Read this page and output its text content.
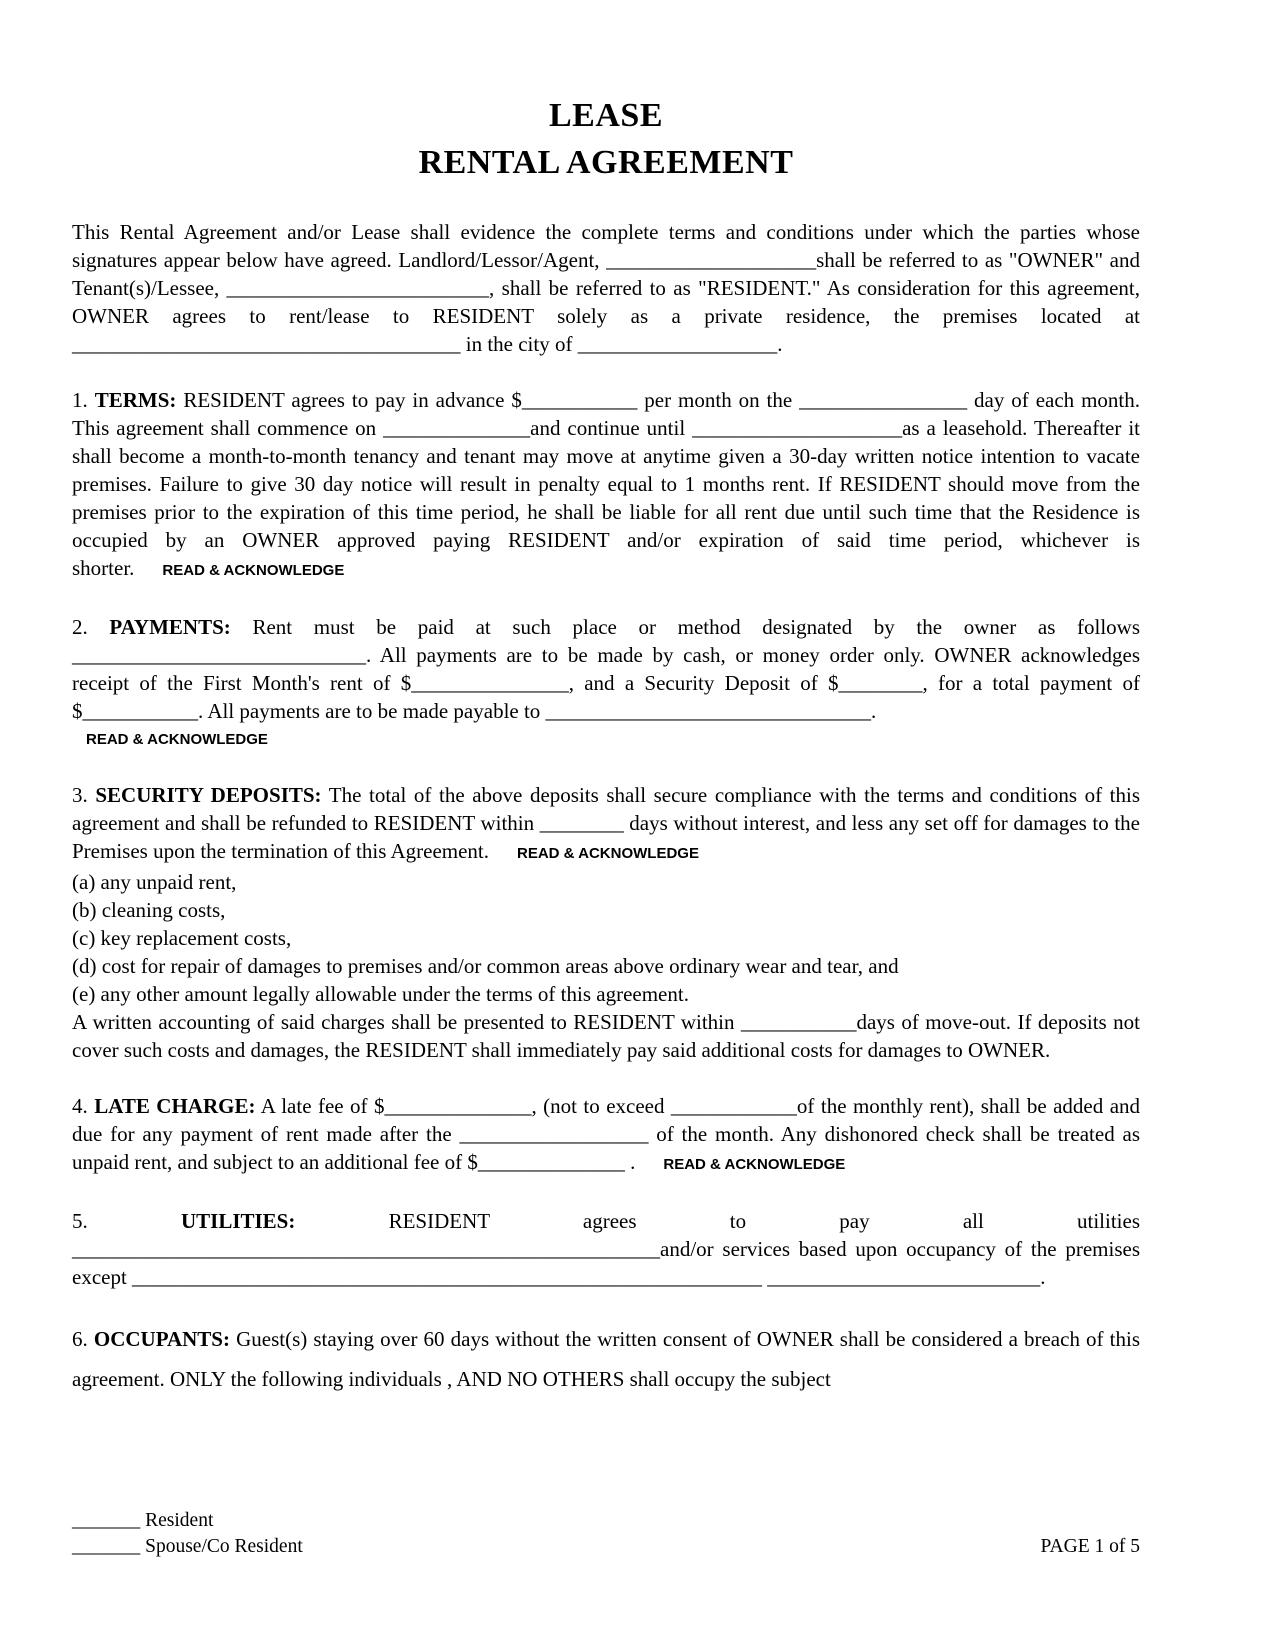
LEASE
RENTAL AGREEMENT

This Rental Agreement and/or Lease shall evidence the complete terms and conditions under which the parties whose signatures appear below have agreed. Landlord/Lessor/Agent, ____________________shall be referred to as "OWNER" and Tenant(s)/Lessee, _________________________, shall be referred to as "RESIDENT." As consideration for this agreement, OWNER agrees to rent/lease to RESIDENT solely as a private residence, the premises located at _____________________________________ in the city of ___________________.

1. TERMS: RESIDENT agrees to pay in advance $___________ per month on the ________________ day of each month. This agreement shall commence on ______________and continue until ____________________as a leasehold. Thereafter it shall become a month-to-month tenancy and tenant may move at anytime given a 30-day written notice intention to vacate premises. Failure to give 30 day notice will result in penalty equal to 1 months rent. If RESIDENT should move from the premises prior to the expiration of this time period, he shall be liable for all rent due until such time that the Residence is occupied by an OWNER approved paying RESIDENT and/or expiration of said time period, whichever is shorter. READ & ACKNOWLEDGE

2. PAYMENTS: Rent must be paid at such place or method designated by the owner as follows ____________________________. All payments are to be made by cash, or money order only. OWNER acknowledges receipt of the First Month's rent of $_______________, and a Security Deposit of $________, for a total payment of $___________. All payments are to be made payable to _______________________________.

READ & ACKNOWLEDGE

3. SECURITY DEPOSITS: The total of the above deposits shall secure compliance with the terms and conditions of this agreement and shall be refunded to RESIDENT within ________ days without interest, and less any set off for damages to the Premises upon the termination of this Agreement. READ & ACKNOWLEDGE

(a) any unpaid rent,

(b) cleaning costs,

(c) key replacement costs,

(d) cost for repair of damages to premises and/or common areas above ordinary wear and tear, and

(e) any other amount legally allowable under the terms of this agreement.

A written accounting of said charges shall be presented to RESIDENT within ___________days of move-out. If deposits not cover such costs and damages, the RESIDENT shall immediately pay said additional costs for damages to OWNER.

4. LATE CHARGE: A late fee of $______________, (not to exceed ____________of the monthly rent), shall be added and due for any payment of rent made after the __________________ of the month. Any dishonored check shall be treated as unpaid rent, and subject to an additional fee of $______________ . READ & ACKNOWLEDGE

5.	UTILITIES:	RESIDENT agrees to pay all utilities ________________________________________________________and/or services based upon occupancy of the premises except ____________________________________________________________ __________________________.

6. OCCUPANTS: Guest(s) staying over 60 days without the written consent of OWNER shall be considered a breach of this agreement. ONLY the following individuals , AND NO OTHERS shall occupy the subject

_______ Resident
_______ Spouse/Co Resident	PAGE 1 of 5
